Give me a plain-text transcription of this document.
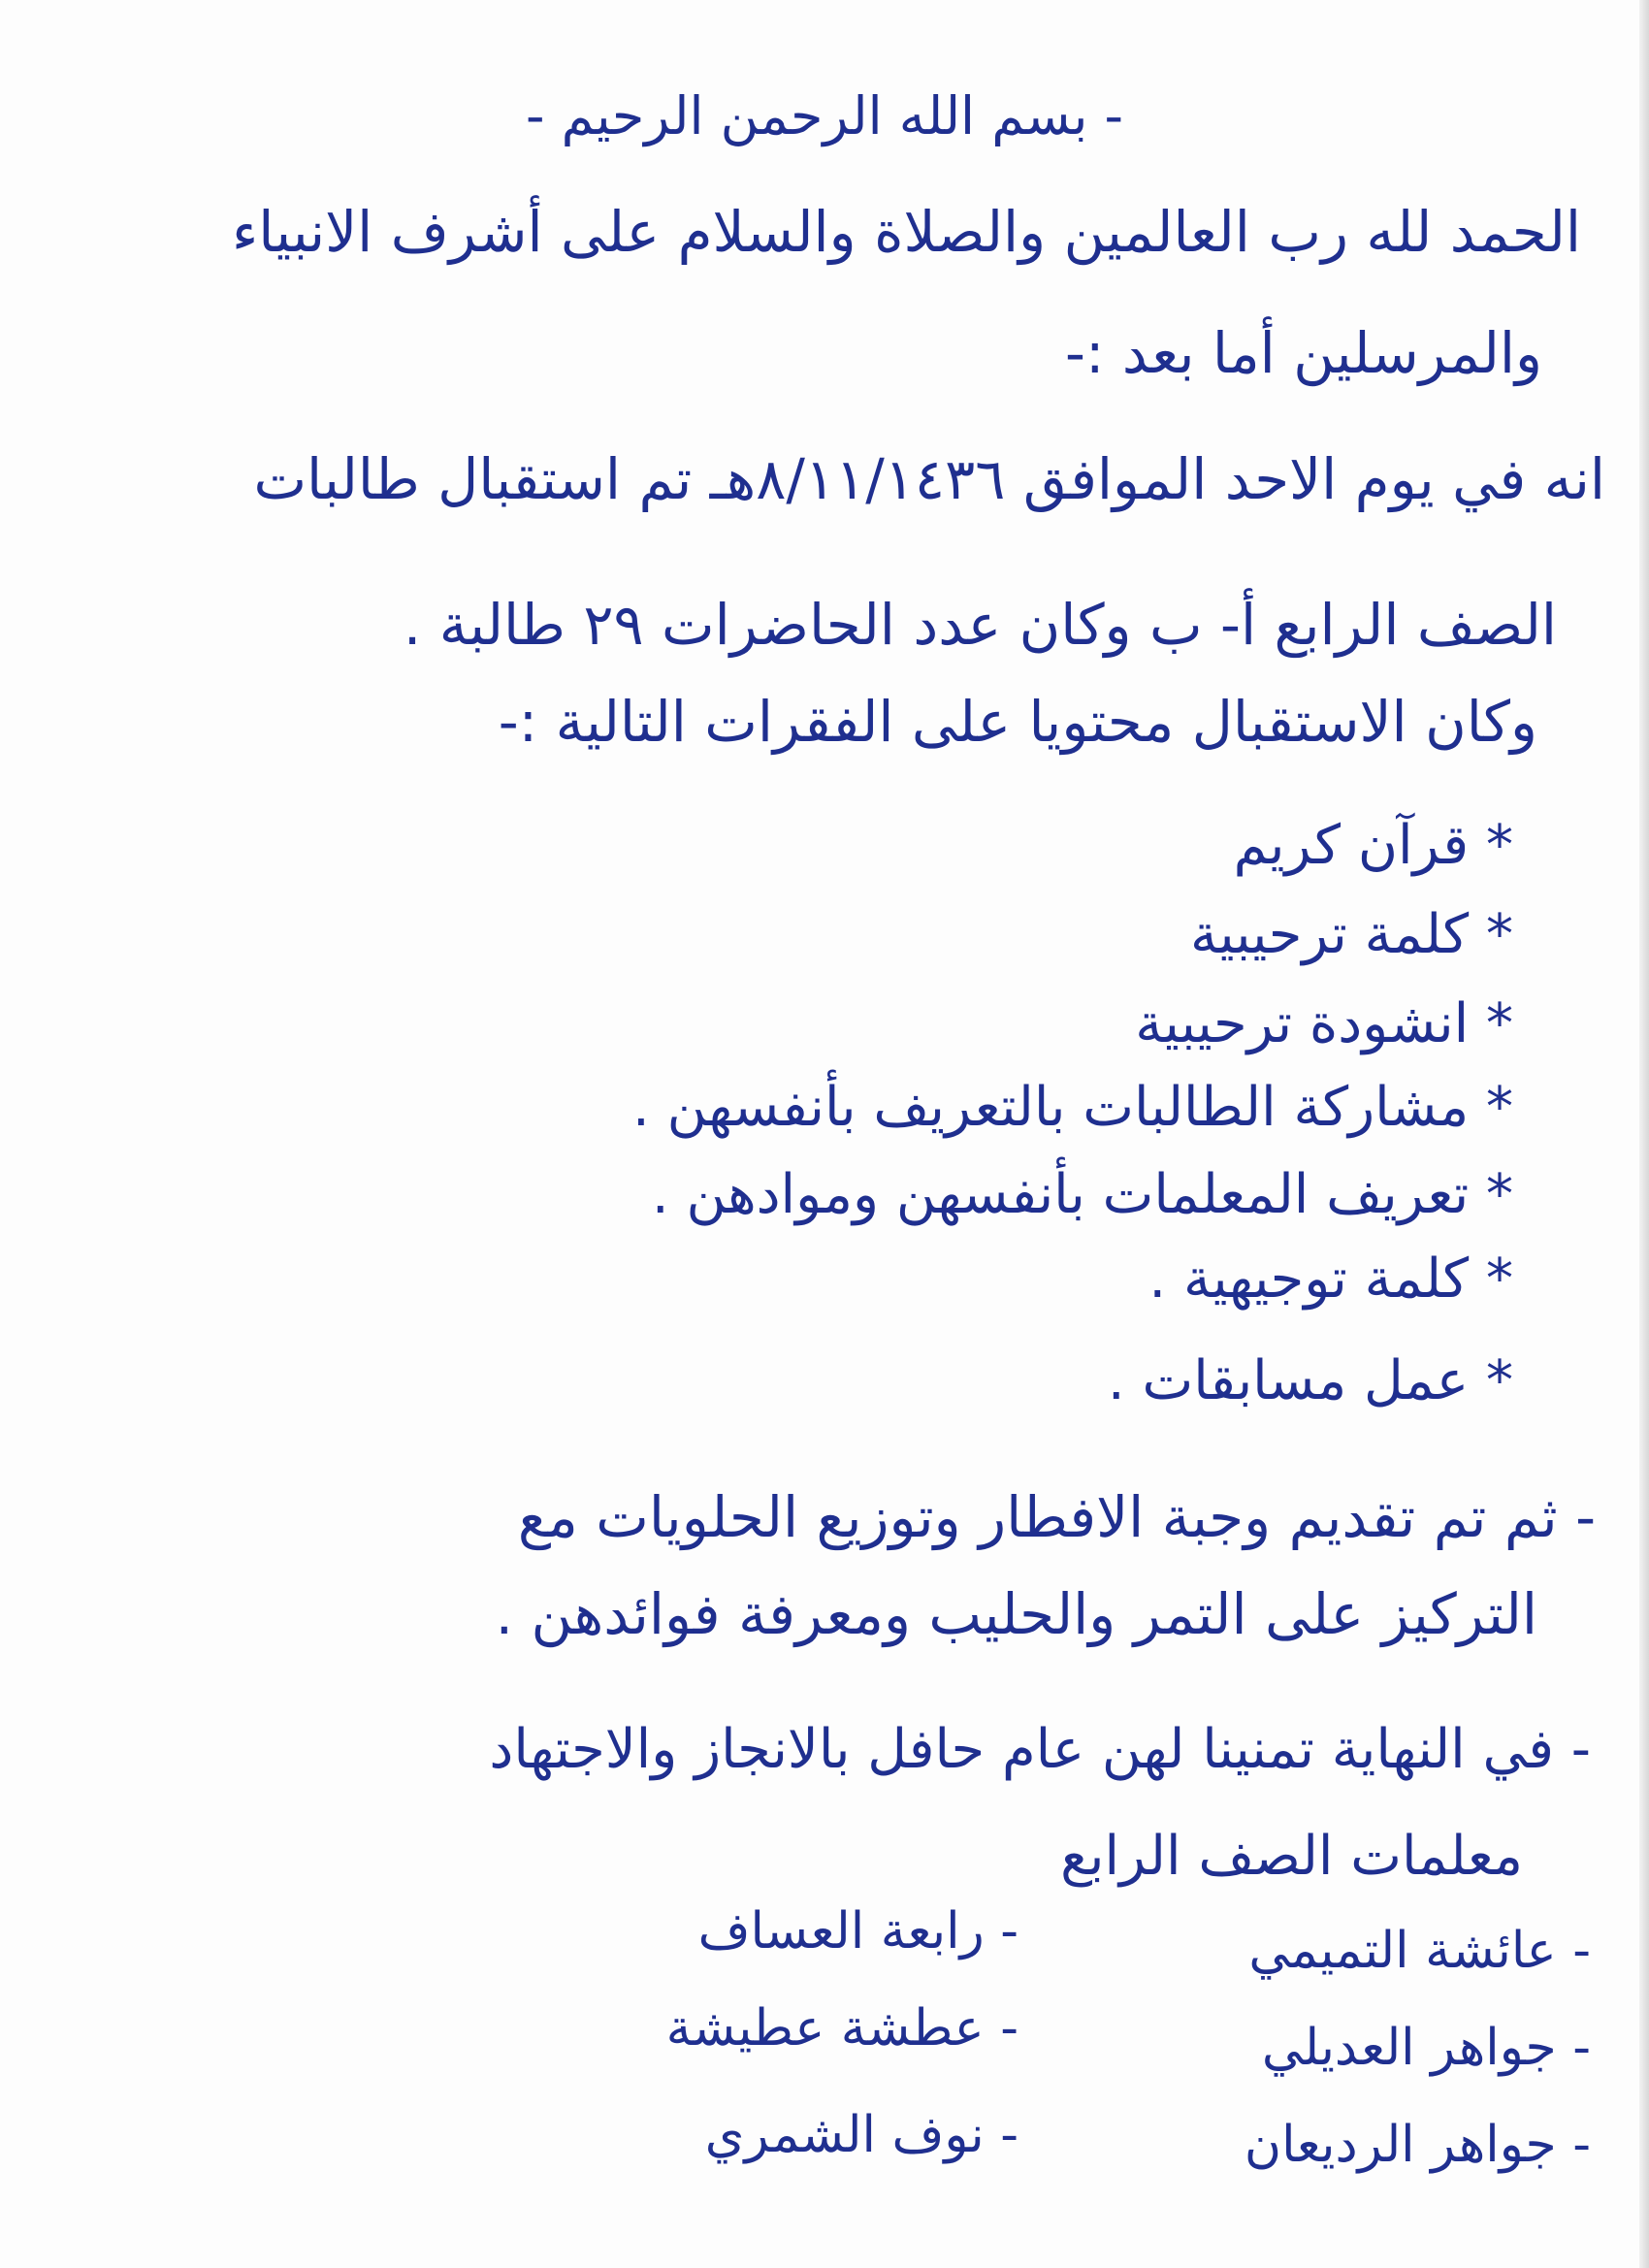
- بسم الله الرحمن الرحيم -
الحمد لله رب العالمين والصلاة والسلام على أشرف الانبياء
والمرسلين أما بعد :-
انه في يوم الاحد الموافق ٨/١١/١٤٣٦هـ تم استقبال طالبات
الصف الرابع أ- ب وكان عدد الحاضرات ٢٩ طالبة .
وكان الاستقبال محتويا على الفقرات التالية :-
* قرآن كريم
* كلمة ترحيبية
* انشودة ترحيبية
* مشاركة الطالبات بالتعريف بأنفسهن .
* تعريف المعلمات بأنفسهن وموادهن .
* كلمة توجيهية .
* عمل مسابقات .
- ثم تم تقديم وجبة الافطار وتوزيع الحلويات مع
التركيز على التمر والحليب ومعرفة فوائدهن .
- في النهاية تمنينا لهن عام حافل بالانجاز والاجتهاد
معلمات الصف الرابع
- عائشة التميمي
- جواهر العديلي
- جواهر الرديعان
- رابعة العساف
- عطشة عطيشة
- نوف الشمري
